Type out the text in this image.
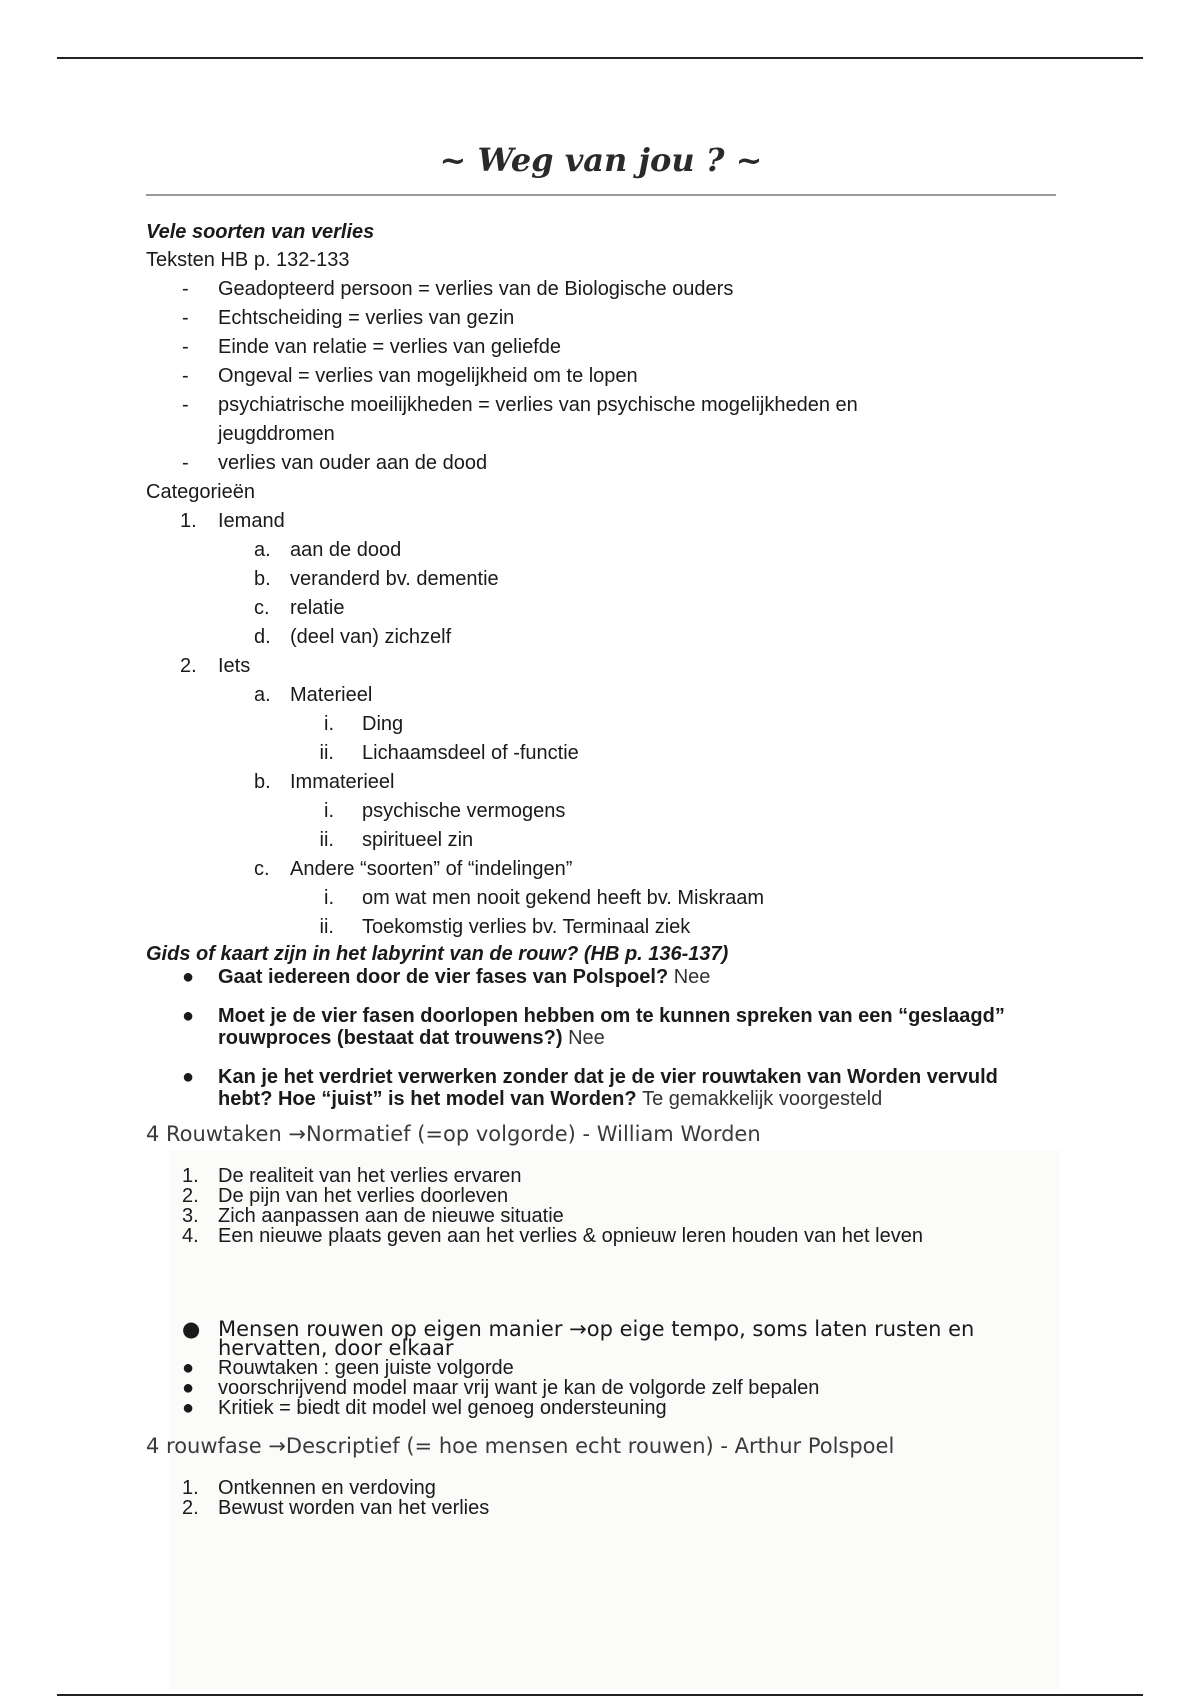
~ Weg van jou ? ~

Vele soorten van verlies

Teksten HB p. 132-133

- Geadopteerd persoon = verlies van de Biologische ouders
- Echtscheiding = verlies van gezin
- Einde van relatie = verlies van geliefde
- Ongeval = verlies van mogelijkheid om te lopen
- psychiatrische moeilijkheden = verlies van psychische mogelijkheden en
jeugddromen
- verlies van ouder aan de dood

Categorieën

1. Iemand
a. aan de dood
b. veranderd bv. dementie
c. relatie
d. (deel van) zichzelf
2. Iets
a. Materieel
i. Ding
ii. Lichaamsdeel of -functie
b. Immaterieel
i. psychische vermogens
ii. spiritueel zin
c. Andere “soorten” of “indelingen”
i. om wat men nooit gekend heeft bv. Miskraam
ii. Toekomstig verlies bv. Terminaal ziek

Gids of kaart zijn in het labyrint van de rouw? (HB p. 136-137)

● Gaat iedereen door de vier fases van Polspoel? Nee
● Moet je de vier fasen doorlopen hebben om te kunnen spreken van een “geslaagd” rouwproces (bestaat dat trouwens?) Nee
● Kan je het verdriet verwerken zonder dat je de vier rouwtaken van Worden vervuld hebt? Hoe “juist” is het model van Worden? Te gemakkelijk voorgesteld

4 Rouwtaken →Normatief (=op volgorde) - William Worden

1. De realiteit van het verlies ervaren
2. De pijn van het verlies doorleven
3. Zich aanpassen aan de nieuwe situatie
4. Een nieuwe plaats geven aan het verlies & opnieuw leren houden van het leven
● Mensen rouwen op eigen manier →op eige tempo, soms laten rusten en hervatten, door elkaar
● Rouwtaken : geen juiste volgorde
● voorschrijvend model maar vrij want je kan de volgorde zelf bepalen
● Kritiek = biedt dit model wel genoeg ondersteuning

4 rouwfase →Descriptief (= hoe mensen echt rouwen) - Arthur Polspoel

1. Ontkennen en verdoving
2. Bewust worden van het verlies
